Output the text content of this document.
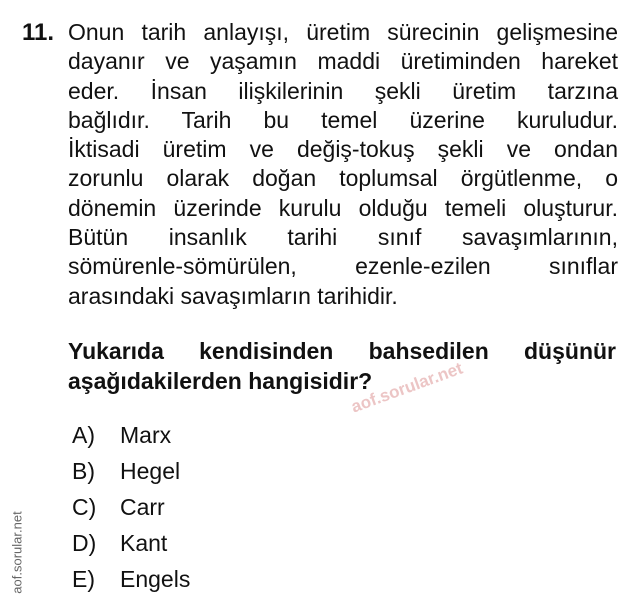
11. Onun tarih anlayışı, üretim sürecinin gelişmesine
dayanır ve yaşamın maddi üretiminden hareket
eder. İnsan ilişkilerinin şekli üretim tarzına
bağlıdır. Tarih bu temel üzerine kuruludur.
İktisadi üretim ve değiş-tokuş şekli ve ondan
zorunlu olarak doğan toplumsal örgütlenme, o
dönemin üzerinde kurulu olduğu temeli oluşturur.
Bütün insanlık tarihi sınıf savaşımlarının,
sömürenle-sömürülen, ezenle-ezilen sınıflar
arasındaki savaşımların tarihidir.
Yukarıda kendisinden bahsedilen düşünür
aşağıdakilerden hangisidir?
aof.sorular.net
A)	Marx
B)	Hegel
C)	Carr
D)	Kant
E)	Engels
aof.sorular.net
